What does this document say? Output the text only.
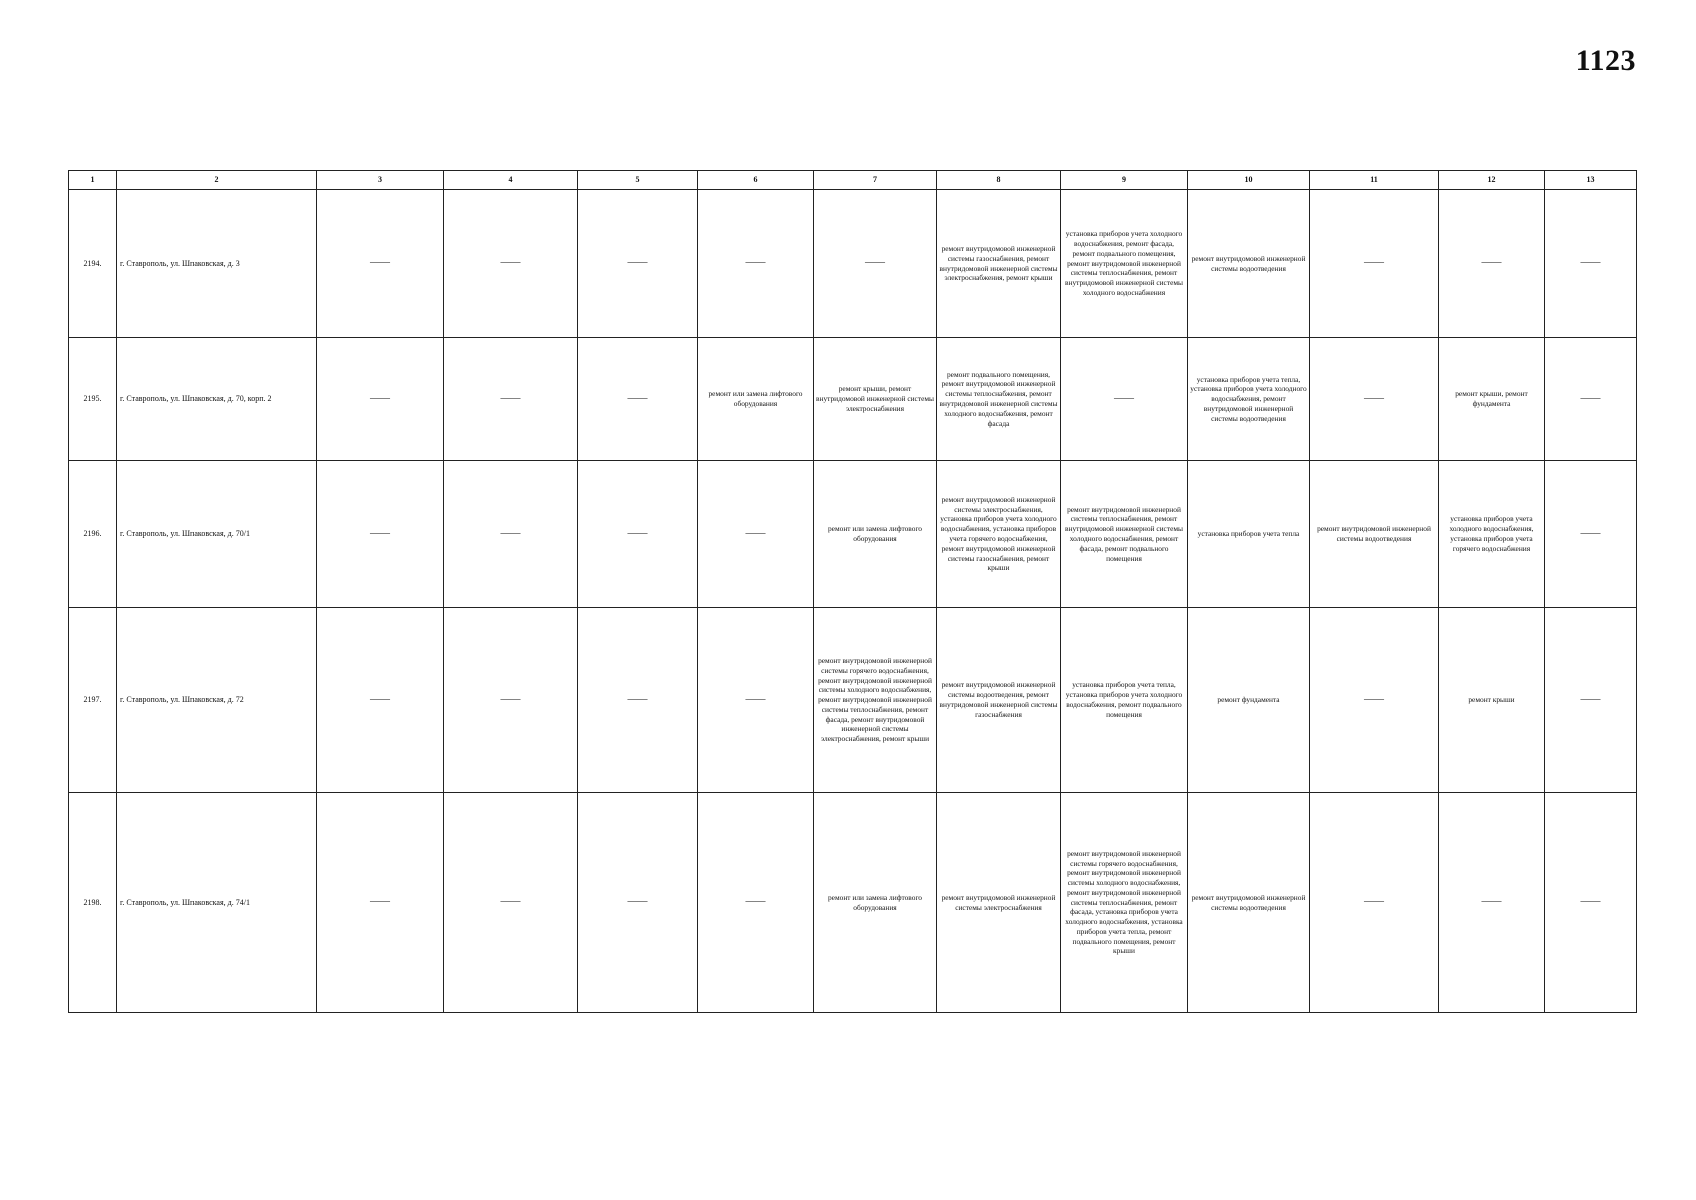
1123
1	2	3	4	5	6	7	8	9	10	11	12	13
2194.	г. Ставрополь, ул. Шпаковская, д. 3	——	——	——	——	——	ремонт внутридомовой инженерной системы газоснабжения, ремонт внутридомовой инженерной системы электроснабжения, ремонт крыши	установка приборов учета холодного водоснабжения, ремонт фасада, ремонт подвального помещения, ремонт внутридомовой инженерной системы теплоснабжения, ремонт внутридомовой инженерной системы холодного водоснабжения	ремонт внутридомовой инженерной системы водоотведения	——	——	——
2195.	г. Ставрополь, ул. Шпаковская, д. 70, корп. 2	——	——	——	ремонт или замена лифтового оборудования	ремонт крыши, ремонт внутридомовой инженерной системы электроснабжения	ремонт подвального помещения, ремонт внутридомовой инженерной системы теплоснабжения, ремонт внутридомовой инженерной системы холодного водоснабжения, ремонт фасада	——	установка приборов учета тепла, установка приборов учета холодного водоснабжения, ремонт внутридомовой инженерной системы водоотведения	——	ремонт крыши, ремонт фундамента	——
2196.	г. Ставрополь, ул. Шпаковская, д. 70/1	——	——	——	——	ремонт или замена лифтового оборудования	ремонт внутридомовой инженерной системы электроснабжения, установка приборов учета холодного водоснабжения, установка приборов учета горячего водоснабжения, ремонт внутридомовой инженерной системы газоснабжения, ремонт крыши	ремонт внутридомовой инженерной системы теплоснабжения, ремонт внутридомовой инженерной системы холодного водоснабжения, ремонт фасада, ремонт подвального помещения	установка приборов учета тепла	ремонт внутридомовой инженерной системы водоотведения	установка приборов учета холодного водоснабжения, установка приборов учета горячего водоснабжения	——
2197.	г. Ставрополь, ул. Шпаковская, д. 72	——	——	——	——	ремонт внутридомовой инженерной системы горячего водоснабжения, ремонт внутридомовой инженерной системы холодного водоснабжения, ремонт внутридомовой инженерной системы теплоснабжения, ремонт фасада, ремонт внутридомовой инженерной системы электроснабжения, ремонт крыши	ремонт внутридомовой инженерной системы водоотведения, ремонт внутридомовой инженерной системы газоснабжения	установка приборов учета тепла, установка приборов учета холодного водоснабжения, ремонт подвального помещения	ремонт фундамента	——	ремонт крыши	——
2198.	г. Ставрополь, ул. Шпаковская, д. 74/1	——	——	——	——	ремонт или замена лифтового оборудования	ремонт внутридомовой инженерной системы электроснабжения	ремонт внутридомовой инженерной системы горячего водоснабжения, ремонт внутридомовой инженерной системы холодного водоснабжения, ремонт внутридомовой инженерной системы теплоснабжения, ремонт фасада, установка приборов учета холодного водоснабжения, установка приборов учета тепла, ремонт подвального помещения, ремонт крыши	ремонт внутридомовой инженерной системы водоотведения	——	——	——
